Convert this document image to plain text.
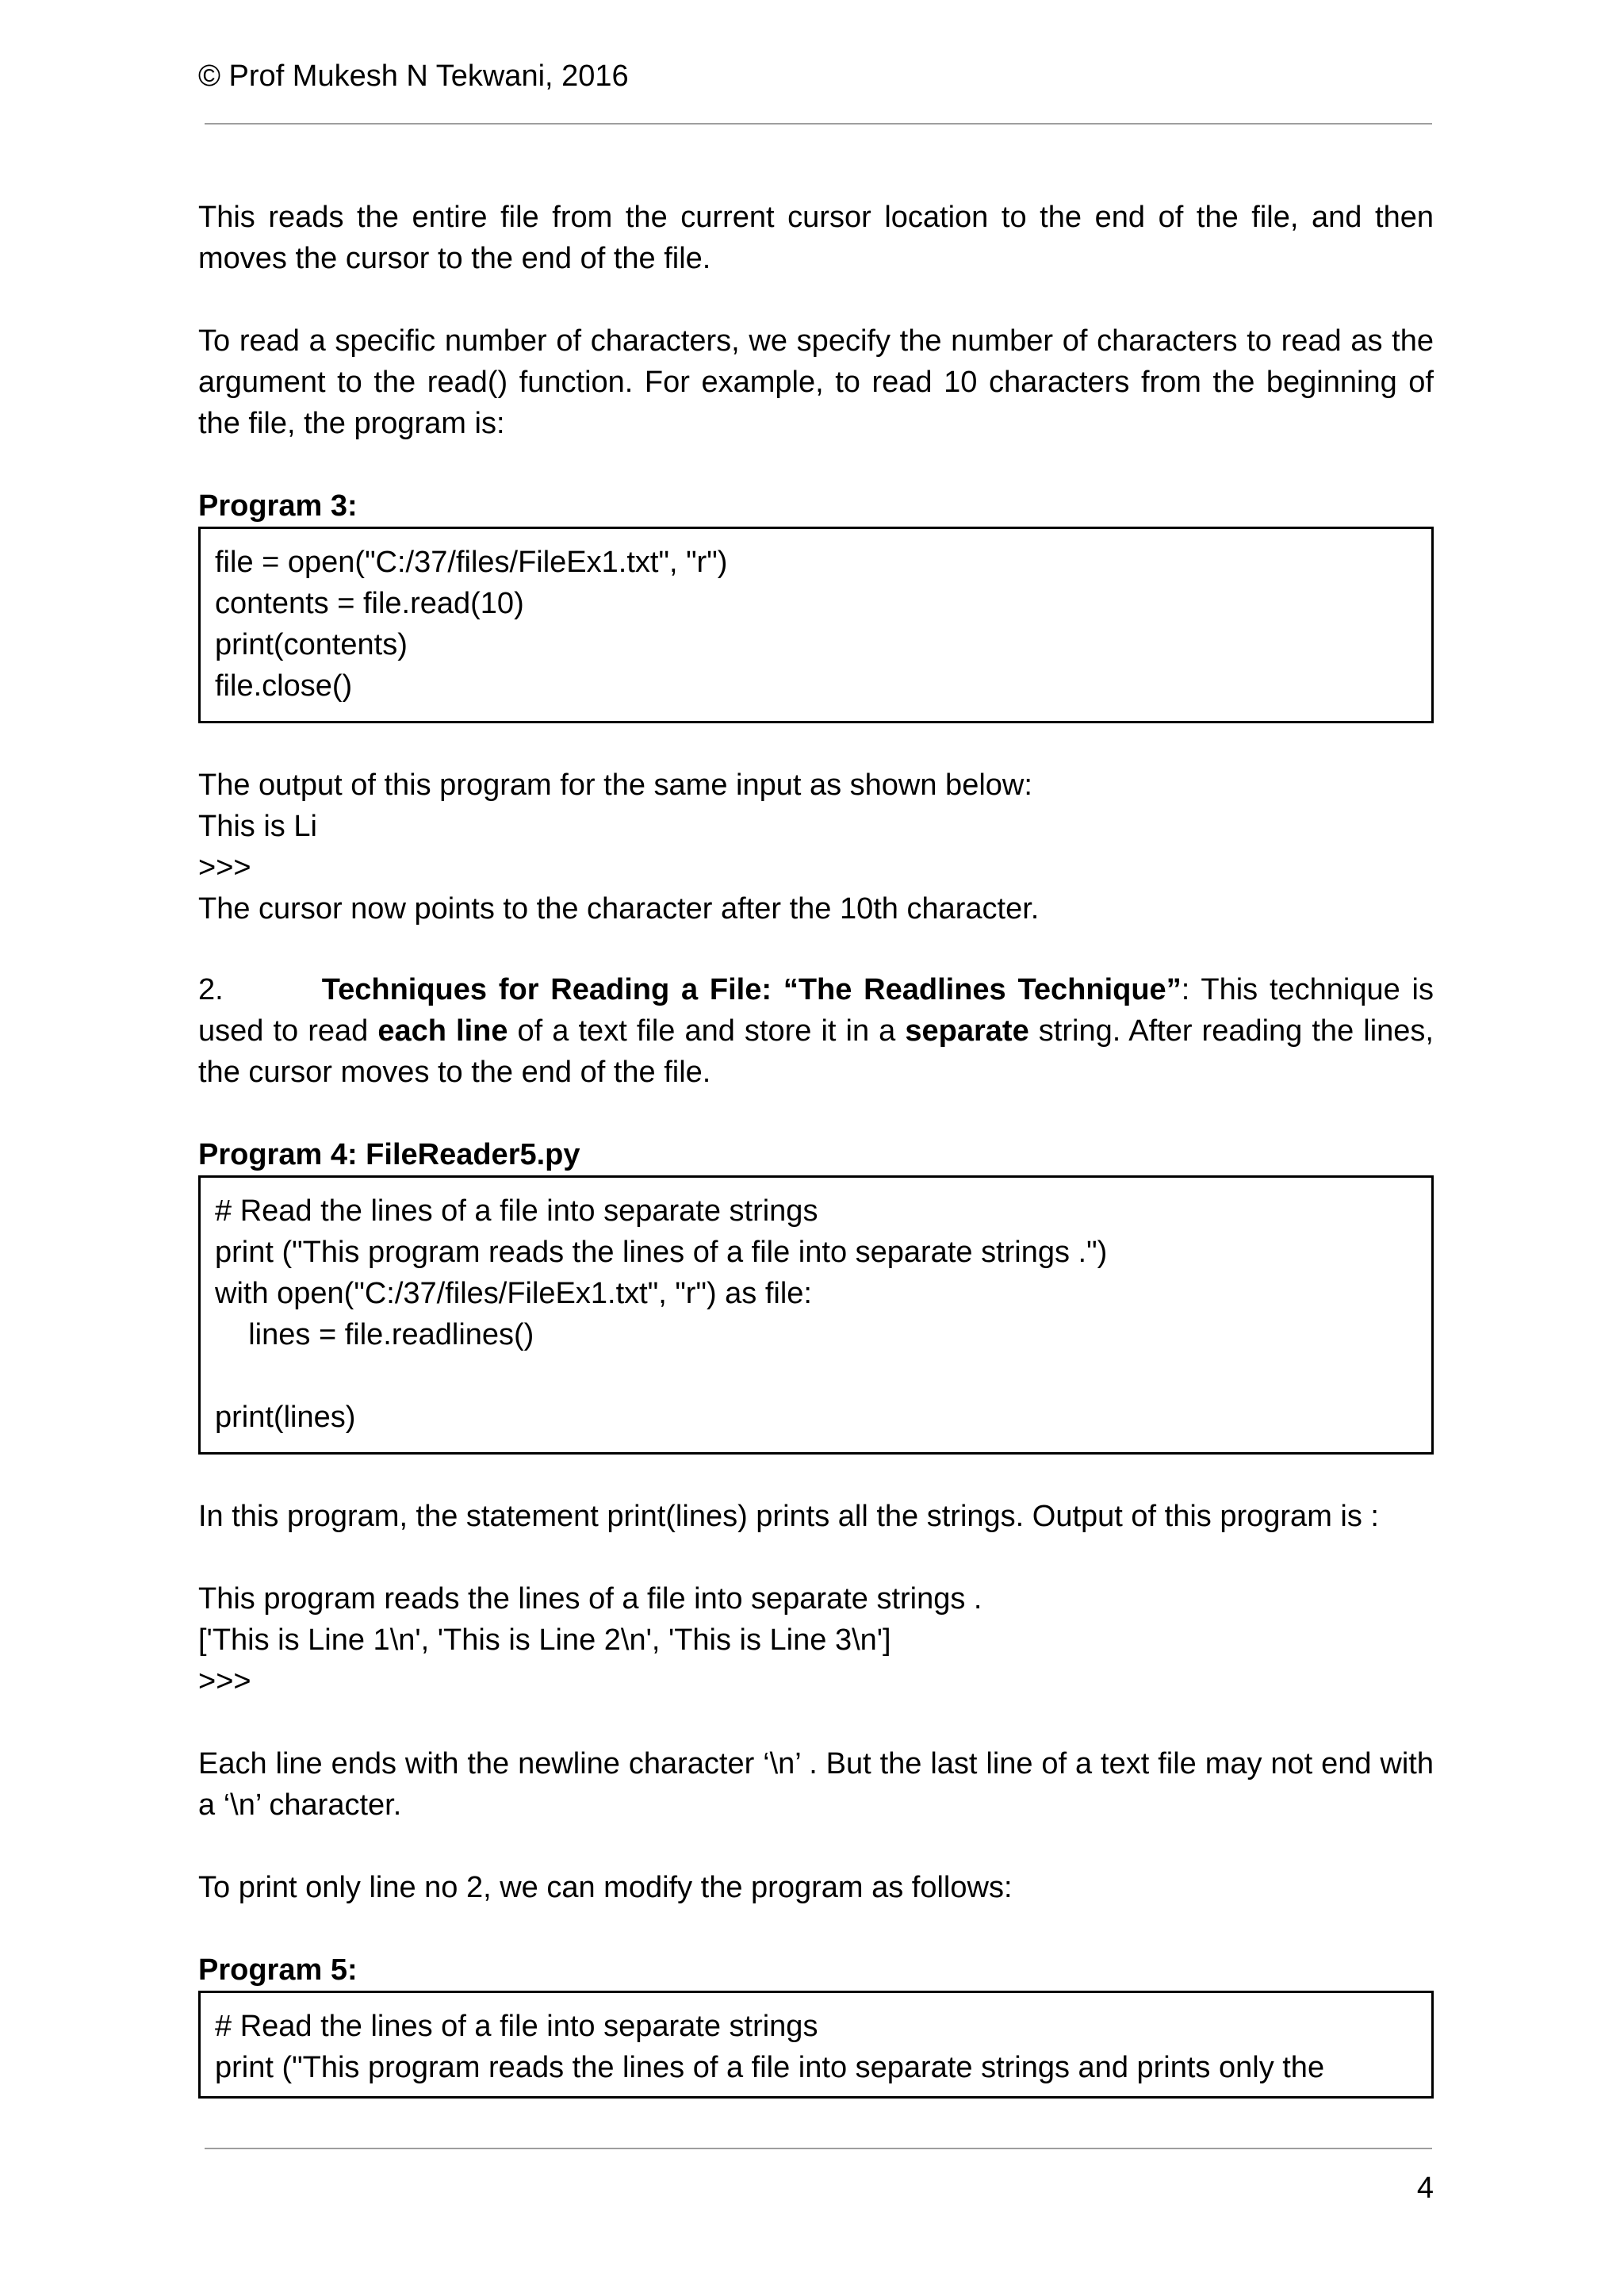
© Prof Mukesh N Tekwani, 2016

This reads the entire file from the current cursor location to the end of the file, and then moves the cursor to the end of the file.

To read a specific number of characters, we specify the number of characters to read as the argument to the read() function. For example, to read 10 characters from the beginning of the file, the program is:

Program 3:
file = open("C:/37/files/FileEx1.txt", "r")
contents = file.read(10)
print(contents)
file.close()

The output of this program for the same input as shown below:

This is Li

>>>

The cursor now points to the character after the 10th character.

2.	Techniques for Reading a File: “The Readlines Technique”: This technique is used to read each line of a text file and store it in a separate string. After reading the lines, the cursor moves to the end of the file.

Program 4: FileReader5.py
# Read the lines of a file into separate strings
print ("This program reads the lines of a file into separate strings .")
with open("C:/37/files/FileEx1.txt", "r") as file:
lines = file.readlines()
print(lines)
In this program, the statement print(lines) prints all the strings. Output of this program is :

This program reads the lines of a file into separate strings .

['This is Line 1\n', 'This is Line 2\n', 'This is Line 3\n']

>>>

Each line ends with the newline character ‘\n’ . But the last line of a text file may not end with a ‘\n’ character.

To print only line no 2, we can modify the program as follows:
Program 5:
# Read the lines of a file into separate strings
print ("This program reads the lines of a file into separate strings and prints only the
4
